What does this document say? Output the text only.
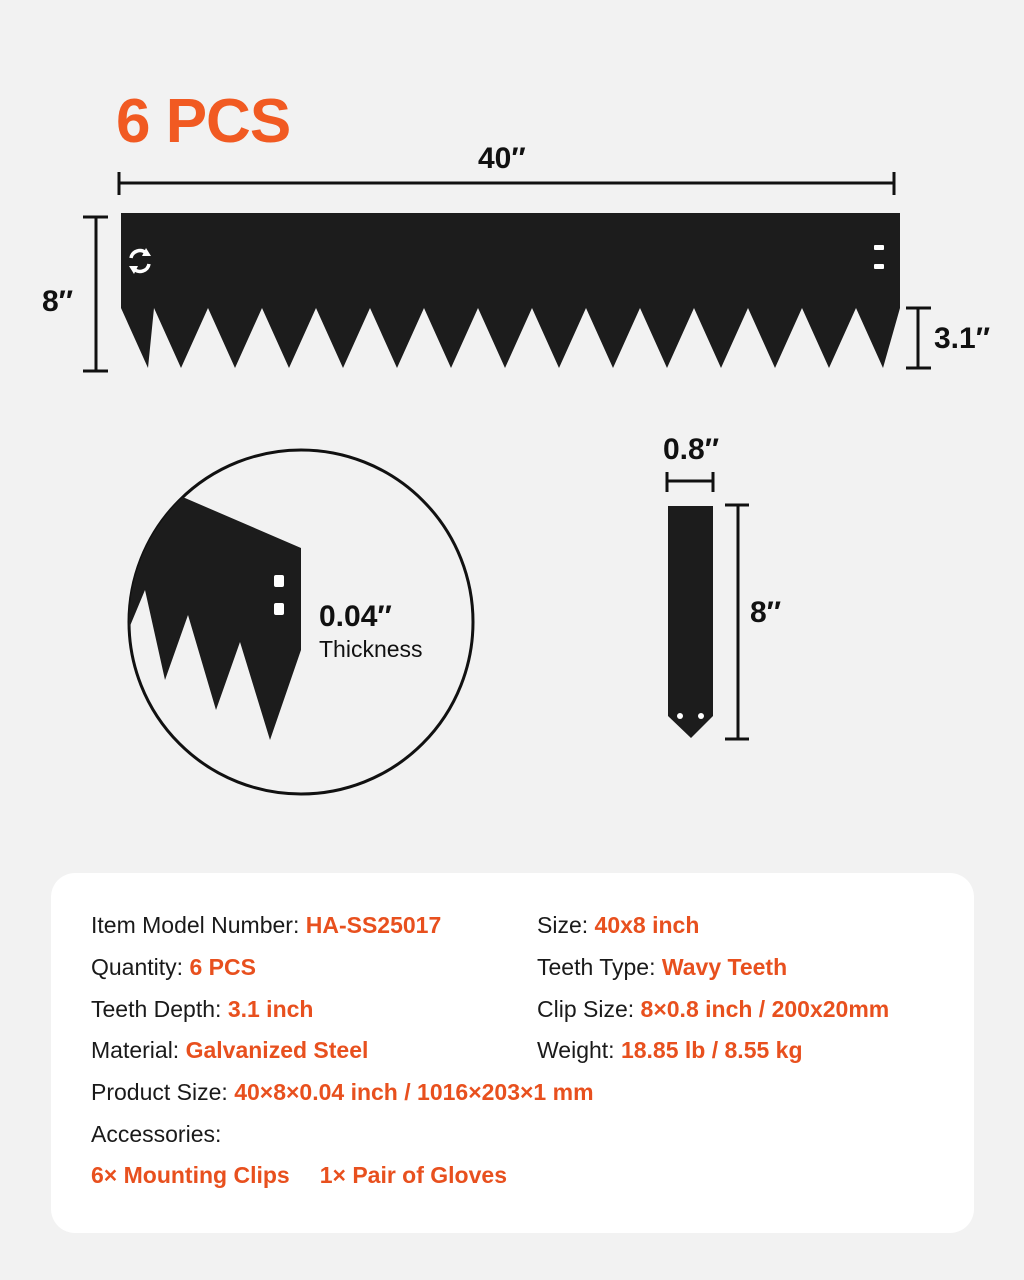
6 PCS
40′′
8′′
3.1′′
0.8′′
8′′
0.04′′
Thickness
Item Model Number: HA-SS25017	Size: 40x8 inch
Quantity: 6 PCS	Teeth Type: Wavy Teeth
Teeth Depth: 3.1 inch	Clip Size: 8×0.8 inch / 200x20mm
Material: Galvanized Steel	Weight: 18.85 lb / 8.55 kg
Product Size: 40×8×0.04 inch / 1016×203×1 mm
Accessories:
6× Mounting Clips 1× Pair of Gloves
